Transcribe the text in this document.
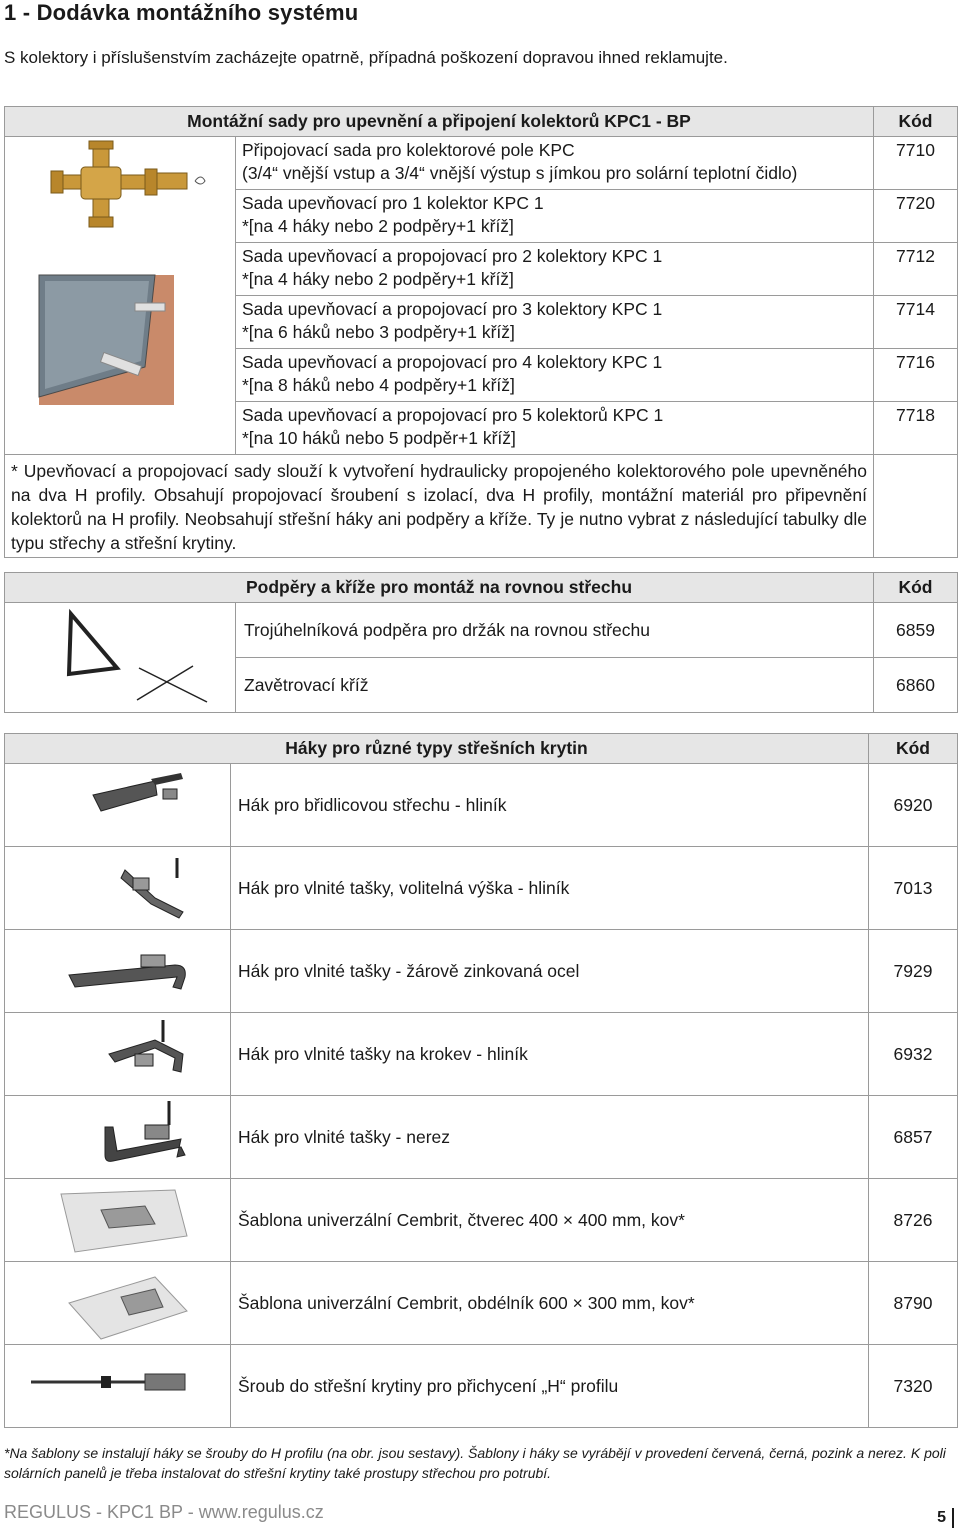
1 - Dodávka montážního systému
S kolektory i příslušenstvím zacházejte opatrně, případná poškození dopravou ihned reklamujte.
Montážní sady pro upevnění a připojení kolektorů KPC1 - BP		Kód

Připojovací sada pro kolektorové pole KPC
(3/4“ vnější vstup a 3/4“ vnější výstup s jímkou pro solární teplotní čidlo)	7710

	Sada upevňovací pro 1 kolektor KPC 1
*[na 4 háky nebo 2 podpěry+1 kříž]	7720

	Sada upevňovací a propojovací pro 2 kolektory KPC 1
*[na 4 háky nebo 2 podpěry+1 kříž]	7712

	Sada upevňovací a propojovací pro 3 kolektory KPC 1
*[na 6 háků nebo 3 podpěry+1 kříž]	7714

	Sada upevňovací a propojovací pro 4 kolektory KPC 1
*[na 8 háků nebo 4 podpěry+1 kříž]	7716

	Sada upevňovací a propojovací pro 5 kolektorů KPC 1
*[na 10 háků nebo 5 podpěr+1 kříž]	7718
* Upevňovací a propojovací sady slouží k vytvoření hydraulicky propojeného kolektorového pole upevněného na dva H profily. Obsahují propojovací šroubení s izolací, dva H profily, montážní materiál pro připevnění kolektorů na H profily. Neobsahují střešní háky ani podpěry a kříže. Ty je nutno vybrat z následující tabulky dle typu střechy a střešní krytiny.		
Podpěry a kříže pro montáž na rovnou střechu		Kód

	Trojúhelníková podpěra pro držák na rovnou střechu	6859
	Zavětrovací kříž	6860
Háky pro různé typy střešních krytin		Kód

	Hák pro břidlicovou střechu - hliník	6920

	Hák pro vlnité tašky, volitelná výška - hliník	7013

	Hák pro vlnité tašky - žárově zinkovaná ocel	7929

	Hák pro vlnité tašky na krokev - hliník	6932

	Hák pro vlnité tašky - nerez	6857

	Šablona univerzální Cembrit, čtverec 400 × 400 mm, kov*	8726

	Šablona univerzální Cembrit, obdélník 600 × 300 mm, kov*	8790

	Šroub do střešní krytiny pro přichycení „H“ profilu	7320
*Na šablony se instalují háky se šrouby do H profilu (na obr. jsou sestavy). Šablony i háky se vyrábějí v provedení červená, černá, pozink a nerez. K poli solárních panelů je třeba instalovat do střešní krytiny také prostupy střechou pro potrubí.
REGULUS - KPC1 BP - www.regulus.cz	5
